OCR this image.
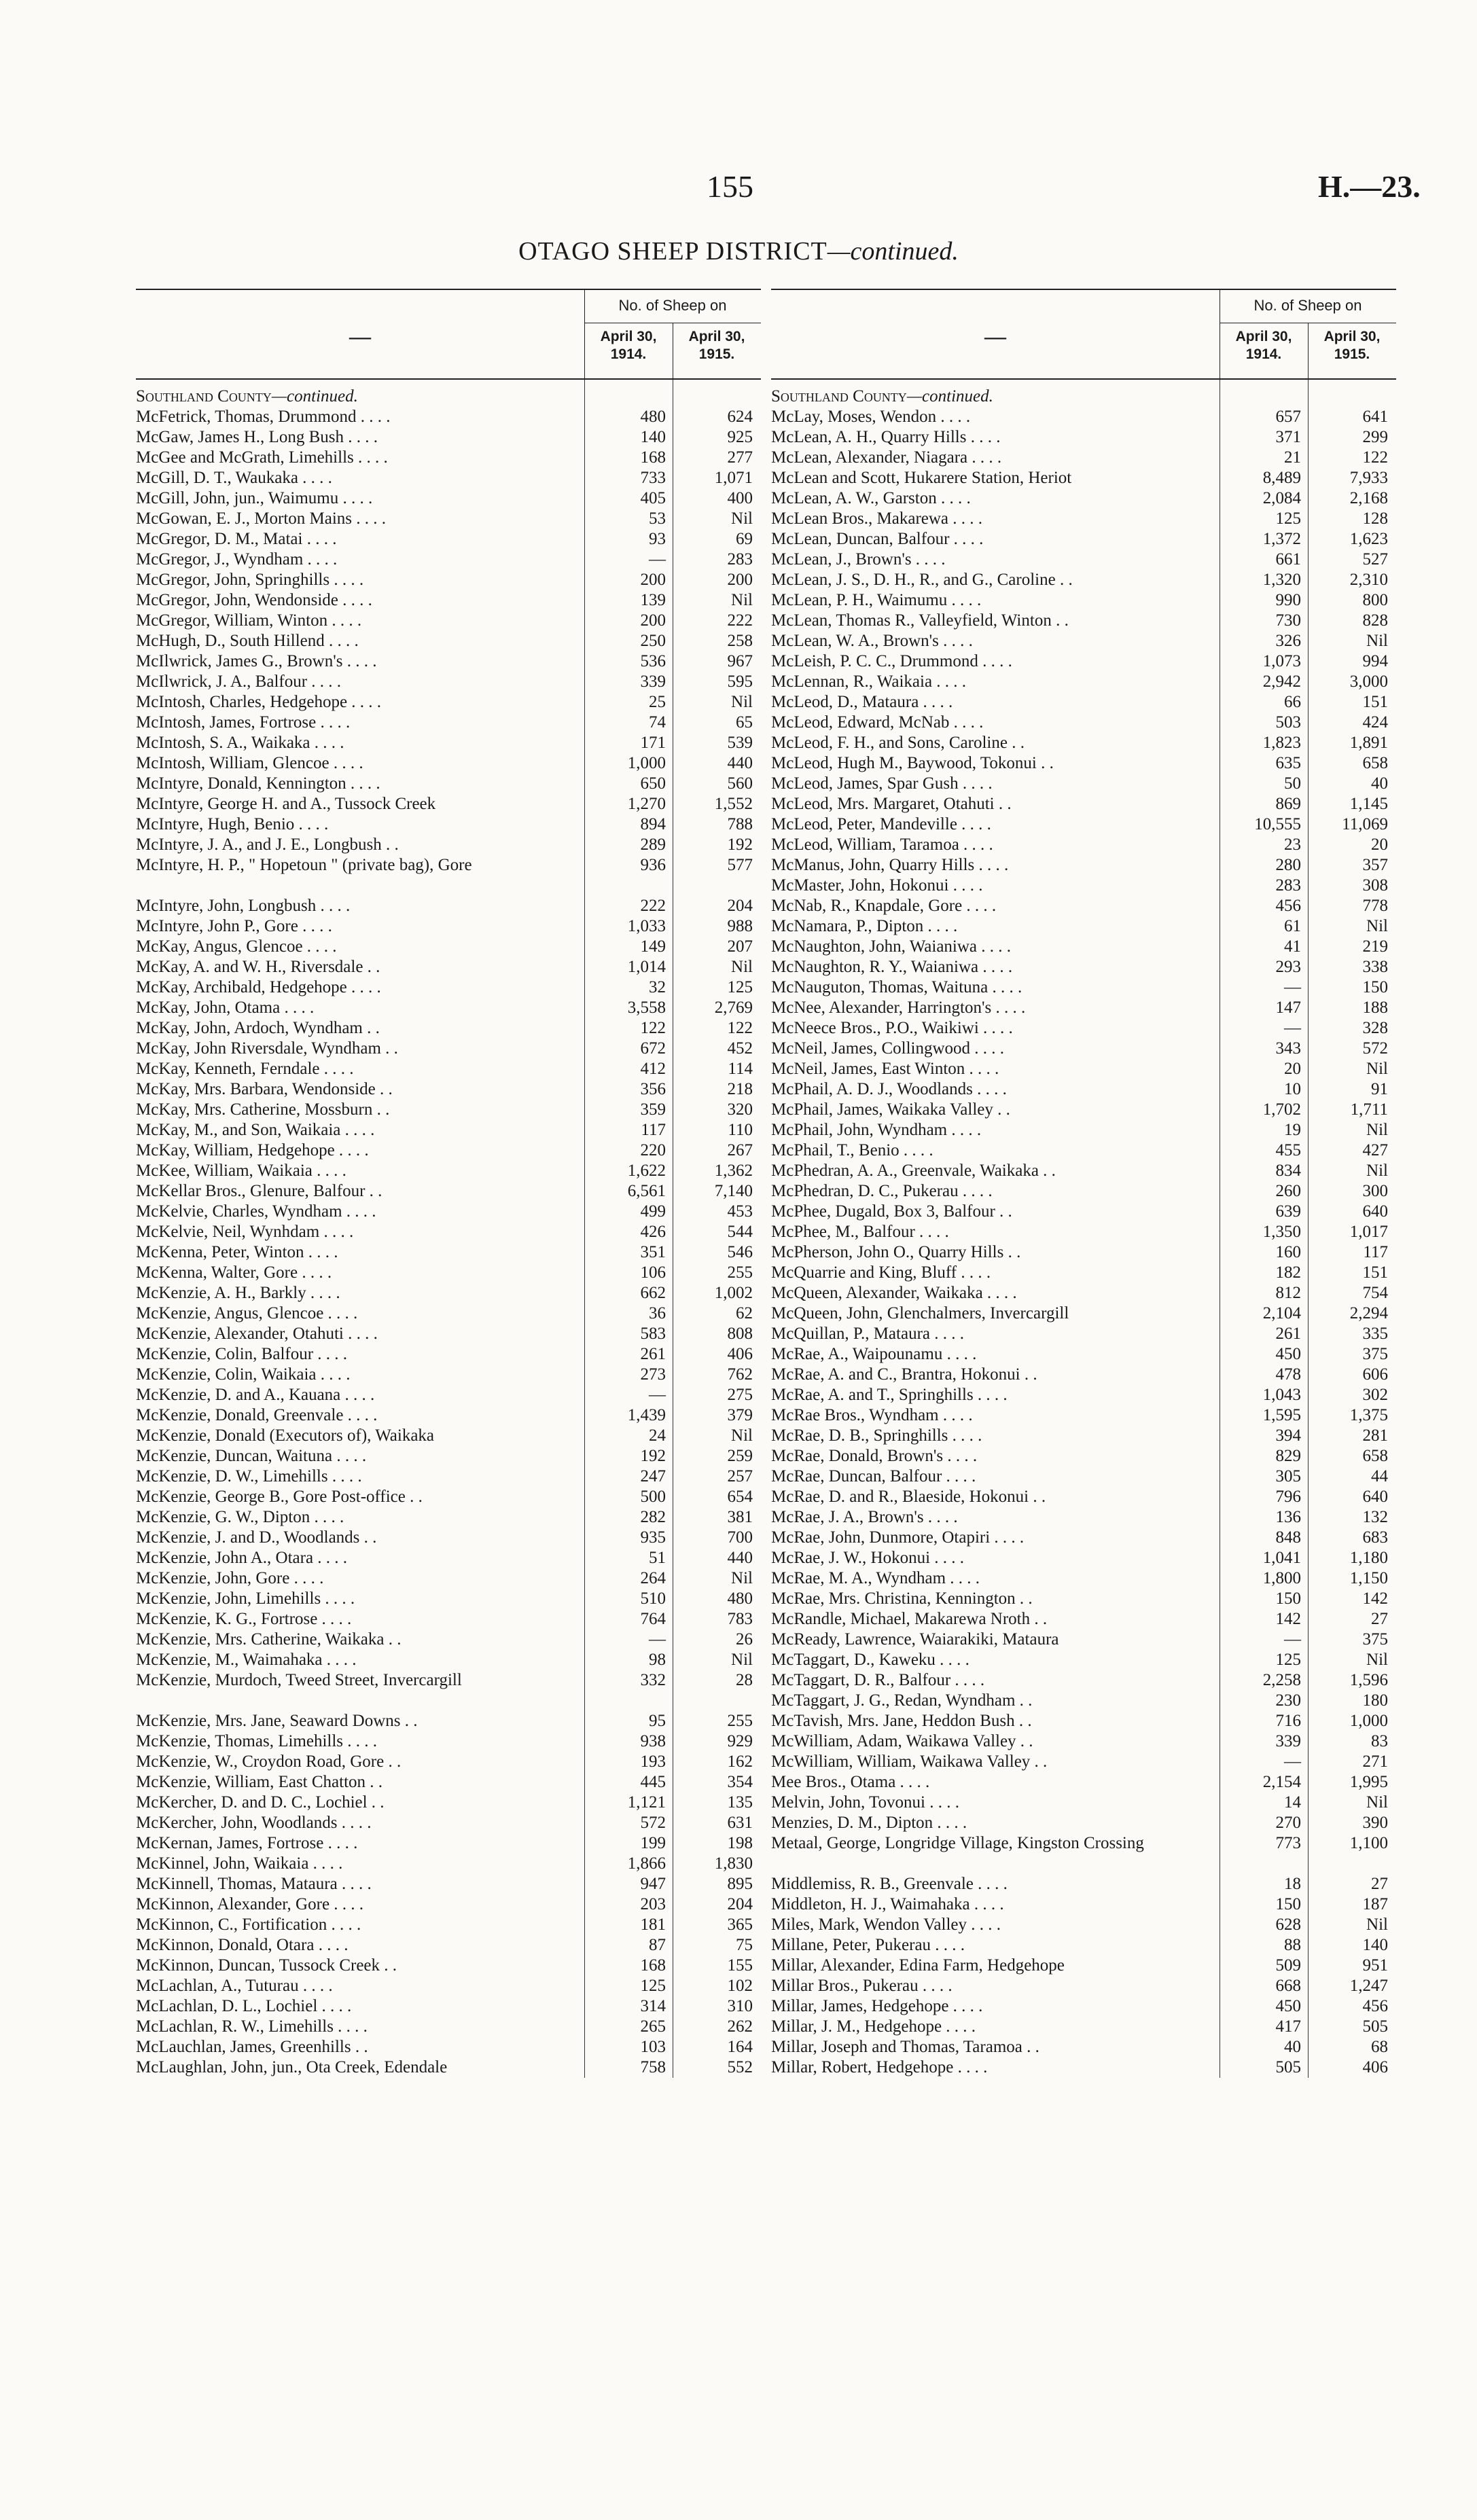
155	H.—23.
OTAGO SHEEP DISTRICT—continued.
—
No. of Sheep on
April 30, 1914.
April 30, 1915.
Southland County—continued.
McFetrick, Thomas, Drummond . . . .	480	624
McGaw, James H., Long Bush . . . .	140	925
McGee and McGrath, Limehills . . . .	168	277
McGill, D. T., Waukaka . . . .	733	1,071
McGill, John, jun., Waimumu . . . .	405	400
McGowan, E. J., Morton Mains . . . .	53	Nil
McGregor, D. M., Matai . . . .	93	69
McGregor, J., Wyndham . . . .	—	283
McGregor, John, Springhills . . . .	200	200
McGregor, John, Wendonside . . . .	139	Nil
McGregor, William, Winton . . . .	200	222
McHugh, D., South Hillend . . . .	250	258
McIlwrick, James G., Brown's . . . .	536	967
McIlwrick, J. A., Balfour . . . .	339	595
McIntosh, Charles, Hedgehope . . . .	25	Nil
McIntosh, James, Fortrose . . . .	74	65
McIntosh, S. A., Waikaka . . . .	171	539
McIntosh, William, Glencoe . . . .	1,000	440
McIntyre, Donald, Kennington . . . .	650	560
McIntyre, George H. and A., Tussock Creek	1,270	1,552
McIntyre, Hugh, Benio . . . .	894	788
McIntyre, J. A., and J. E., Longbush . .	289	192
McIntyre, H. P., " Hopetoun " (private bag), Gore	936	577
McIntyre, John, Longbush . . . .	222	204
McIntyre, John P., Gore . . . .	1,033	988
McKay, Angus, Glencoe . . . .	149	207
McKay, A. and W. H., Riversdale . .	1,014	Nil
McKay, Archibald, Hedgehope . . . .	32	125
McKay, John, Otama . . . .	3,558	2,769
McKay, John, Ardoch, Wyndham . .	122	122
McKay, John Riversdale, Wyndham . .	672	452
McKay, Kenneth, Ferndale . . . .	412	114
McKay, Mrs. Barbara, Wendonside . .	356	218
McKay, Mrs. Catherine, Mossburn . .	359	320
McKay, M., and Son, Waikaia . . . .	117	110
McKay, William, Hedgehope . . . .	220	267
McKee, William, Waikaia . . . .	1,622	1,362
McKellar Bros., Glenure, Balfour . .	6,561	7,140
McKelvie, Charles, Wyndham . . . .	499	453
McKelvie, Neil, Wynhdam . . . .	426	544
McKenna, Peter, Winton . . . .	351	546
McKenna, Walter, Gore . . . .	106	255
McKenzie, A. H., Barkly . . . .	662	1,002
McKenzie, Angus, Glencoe . . . .	36	62
McKenzie, Alexander, Otahuti . . . .	583	808
McKenzie, Colin, Balfour . . . .	261	406
McKenzie, Colin, Waikaia . . . .	273	762
McKenzie, D. and A., Kauana . . . .	—	275
McKenzie, Donald, Greenvale . . . .	1,439	379
McKenzie, Donald (Executors of), Waikaka	24	Nil
McKenzie, Duncan, Waituna . . . .	192	259
McKenzie, D. W., Limehills . . . .	247	257
McKenzie, George B., Gore Post-office . .	500	654
McKenzie, G. W., Dipton . . . .	282	381
McKenzie, J. and D., Woodlands . .	935	700
McKenzie, John A., Otara . . . .	51	440
McKenzie, John, Gore . . . .	264	Nil
McKenzie, John, Limehills . . . .	510	480
McKenzie, K. G., Fortrose . . . .	764	783
McKenzie, Mrs. Catherine, Waikaka . .	—	26
McKenzie, M., Waimahaka . . . .	98	Nil
McKenzie, Murdoch, Tweed Street, Invercargill	332	28
McKenzie, Mrs. Jane, Seaward Downs . .	95	255
McKenzie, Thomas, Limehills . . . .	938	929
McKenzie, W., Croydon Road, Gore . .	193	162
McKenzie, William, East Chatton . .	445	354
McKercher, D. and D. C., Lochiel . .	1,121	135
McKercher, John, Woodlands . . . .	572	631
McKernan, James, Fortrose . . . .	199	198
McKinnel, John, Waikaia . . . .	1,866	1,830
McKinnell, Thomas, Mataura . . . .	947	895
McKinnon, Alexander, Gore . . . .	203	204
McKinnon, C., Fortification . . . .	181	365
McKinnon, Donald, Otara . . . .	87	75
McKinnon, Duncan, Tussock Creek . .	168	155
McLachlan, A., Tuturau . . . .	125	102
McLachlan, D. L., Lochiel . . . .	314	310
McLachlan, R. W., Limehills . . . .	265	262
McLauchlan, James, Greenhills . .	103	164
McLaughlan, John, jun., Ota Creek, Edendale	758	552
—
No. of Sheep on
April 30, 1914.
April 30, 1915.
Southland County—continued.
McLay, Moses, Wendon . . . .	657	641
McLean, A. H., Quarry Hills . . . .	371	299
McLean, Alexander, Niagara . . . .	21	122
McLean and Scott, Hukarere Station, Heriot	8,489	7,933
McLean, A. W., Garston . . . .	2,084	2,168
McLean Bros., Makarewa . . . .	125	128
McLean, Duncan, Balfour . . . .	1,372	1,623
McLean, J., Brown's . . . .	661	527
McLean, J. S., D. H., R., and G., Caroline . .	1,320	2,310
McLean, P. H., Waimumu . . . .	990	800
McLean, Thomas R., Valleyfield, Winton . .	730	828
McLean, W. A., Brown's . . . .	326	Nil
McLeish, P. C. C., Drummond . . . .	1,073	994
McLennan, R., Waikaia . . . .	2,942	3,000
McLeod, D., Mataura . . . .	66	151
McLeod, Edward, McNab . . . .	503	424
McLeod, F. H., and Sons, Caroline . .	1,823	1,891
McLeod, Hugh M., Baywood, Tokonui . .	635	658
McLeod, James, Spar Gush . . . .	50	40
McLeod, Mrs. Margaret, Otahuti . .	869	1,145
McLeod, Peter, Mandeville . . . .	10,555	11,069
McLeod, William, Taramoa . . . .	23	20
McManus, John, Quarry Hills . . . .	280	357
McMaster, John, Hokonui . . . .	283	308
McNab, R., Knapdale, Gore . . . .	456	778
McNamara, P., Dipton . . . .	61	Nil
McNaughton, John, Waianiwa . . . .	41	219
McNaughton, R. Y., Waianiwa . . . .	293	338
McNauguton, Thomas, Waituna . . . .	—	150
McNee, Alexander, Harrington's . . . .	147	188
McNeece Bros., P.O., Waikiwi . . . .	—	328
McNeil, James, Collingwood . . . .	343	572
McNeil, James, East Winton . . . .	20	Nil
McPhail, A. D. J., Woodlands . . . .	10	91
McPhail, James, Waikaka Valley . .	1,702	1,711
McPhail, John, Wyndham . . . .	19	Nil
McPhail, T., Benio . . . .	455	427
McPhedran, A. A., Greenvale, Waikaka . .	834	Nil
McPhedran, D. C., Pukerau . . . .	260	300
McPhee, Dugald, Box 3, Balfour . .	639	640
McPhee, M., Balfour . . . .	1,350	1,017
McPherson, John O., Quarry Hills . .	160	117
McQuarrie and King, Bluff . . . .	182	151
McQueen, Alexander, Waikaka . . . .	812	754
McQueen, John, Glenchalmers, Invercargill	2,104	2,294
McQuillan, P., Mataura . . . .	261	335
McRae, A., Waipounamu . . . .	450	375
McRae, A. and C., Brantra, Hokonui . .	478	606
McRae, A. and T., Springhills . . . .	1,043	302
McRae Bros., Wyndham . . . .	1,595	1,375
McRae, D. B., Springhills . . . .	394	281
McRae, Donald, Brown's . . . .	829	658
McRae, Duncan, Balfour . . . .	305	44
McRae, D. and R., Blaeside, Hokonui . .	796	640
McRae, J. A., Brown's . . . .	136	132
McRae, John, Dunmore, Otapiri . . . .	848	683
McRae, J. W., Hokonui . . . .	1,041	1,180
McRae, M. A., Wyndham . . . .	1,800	1,150
McRae, Mrs. Christina, Kennington . .	150	142
McRandle, Michael, Makarewa Nroth . .	142	27
McReady, Lawrence, Waiarakiki, Mataura	—	375
McTaggart, D., Kaweku . . . .	125	Nil
McTaggart, D. R., Balfour . . . .	2,258	1,596
McTaggart, J. G., Redan, Wyndham . .	230	180
McTavish, Mrs. Jane, Heddon Bush . .	716	1,000
McWilliam, Adam, Waikawa Valley . .	339	83
McWilliam, William, Waikawa Valley . .	—	271
Mee Bros., Otama . . . .	2,154	1,995
Melvin, John, Tovonui . . . .	14	Nil
Menzies, D. M., Dipton . . . .	270	390
Metaal, George, Longridge Village, Kingston Crossing	773	1,100
Middlemiss, R. B., Greenvale . . . .	18	27
Middleton, H. J., Waimahaka . . . .	150	187
Miles, Mark, Wendon Valley . . . .	628	Nil
Millane, Peter, Pukerau . . . .	88	140
Millar, Alexander, Edina Farm, Hedgehope	509	951
Millar Bros., Pukerau . . . .	668	1,247
Millar, James, Hedgehope . . . .	450	456
Millar, J. M., Hedgehope . . . .	417	505
Millar, Joseph and Thomas, Taramoa . .	40	68
Millar, Robert, Hedgehope . . . .	505	406
